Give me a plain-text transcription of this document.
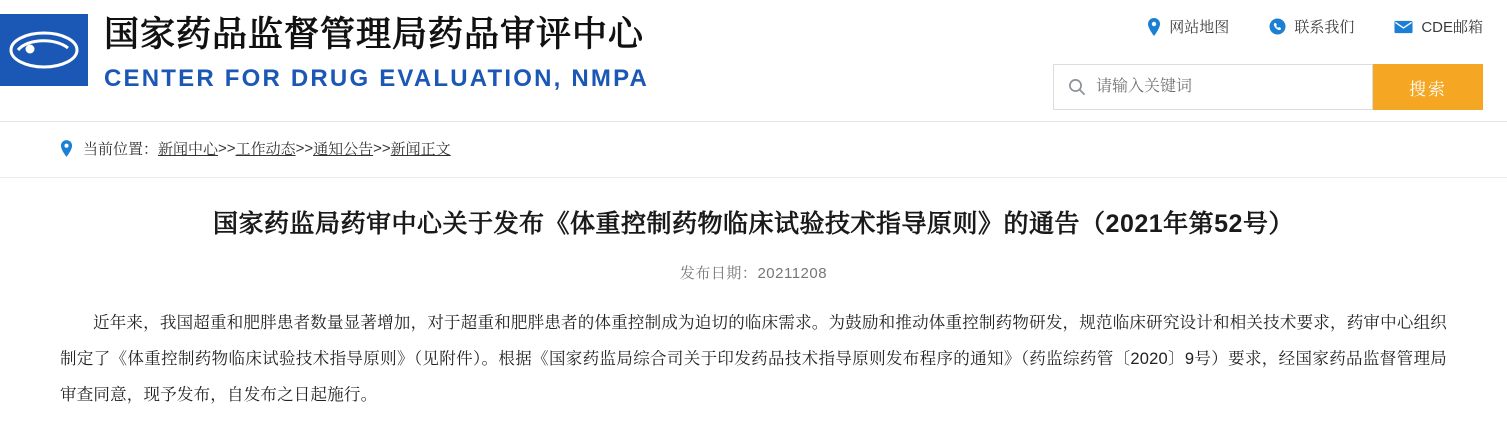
国家药品监督管理局药品审评中心
CENTER FOR DRUG EVALUATION, NMPA
网站地图	联系我们	CDE邮箱
请输入关键词
搜索
当前位置： 新闻中心 >> 工作动态 >> 通知公告 >> 新闻正文
国家药监局药审中心关于发布《体重控制药物临床试验技术指导原则》的通告（2021年第52号）
发布日期：20211208

近年来，我国超重和肥胖患者数量显著增加，对于超重和肥胖患者的体重控制成为迫切的临床需求。为鼓励和推动体重控制药物研发，规范临床研究设计和相关技术要求，药审中心组织制定了《体重控制药物临床试验技术指导原则》（见附件）。根据《国家药监局综合司关于印发药品技术指导原则发布程序的通知》（药监综药管〔2020〕9号）要求，经国家药品监督管理局审查同意，现予发布，自发布之日起施行。
